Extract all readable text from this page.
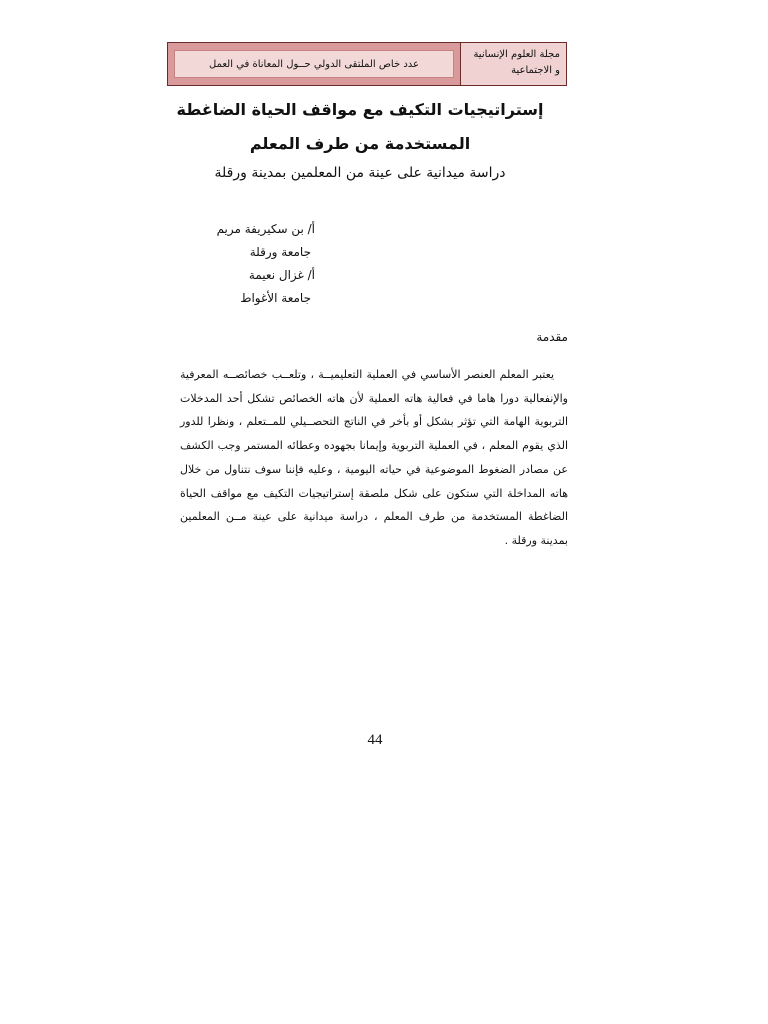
عدد خاص الملتقى الدولي حــول المعاناة في العمل
مجلة العلوم الإنسانية
و الاجتماعية
إستراتيجيات التكيف مع مواقف الحياة الضاغطة
المستخدمة من طرف المعلم
دراسة ميدانية على عينة من المعلمين بمدينة ورقلة
أ/ بن سكيريفة مريم
جامعة ورقلة
أ/ غزال نعيمة
جامعة الأغواط
مقدمة
يعتبر المعلم العنصر الأساسي في العملية التعليميــة ، وتلعــب خصائصــه المعرفية والإنفعالية دورا هاما في فعالية هاته العملية لأن هاته الخصائص تشكل أحد المدخلات التربوية الهامة التي تؤثر بشكل أو بأخر في الناتج التحصــيلي للمــتعلم ، ونظرا للدور الذي يقوم المعلم ، في العملية التربوية وإيمانا بجهوده وعطائه المستمر وجب الكشف عن مصادر الضغوط الموضوعية في حياته اليومية ، وعليه فإننا سوف نتناول من خلال هاته المداخلة التي ستكون على شكل ملصقة إستراتيجيات التكيف مع مواقف الحياة الضاغطة المستخدمة من طرف المعلم ، دراسة ميدانية على عينة مــن المعلمين بمدينة ورقلة .
44
